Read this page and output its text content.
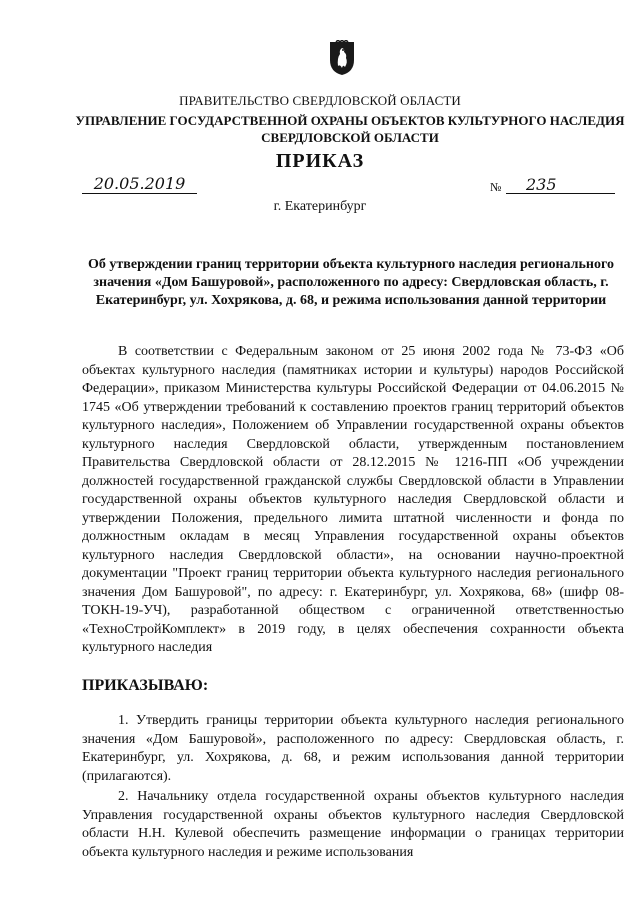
ПРАВИТЕЛЬСТВО СВЕРДЛОВСКОЙ ОБЛАСТИ
УПРАВЛЕНИЕ ГОСУДАРСТВЕННОЙ ОХРАНЫ ОБЪЕКТОВ КУЛЬТУРНОГО НАСЛЕДИЯ СВЕРДЛОВСКОЙ ОБЛАСТИ
ПРИКАЗ
20.05.2019	№	235
г. Екатеринбург
Об утверждении границ территории объекта культурного наследия регионального значения «Дом Башуровой», расположенного по адресу: Свердловская область, г. Екатеринбург, ул. Хохрякова, д. 68, и режима использования данной территории

В соответствии с Федеральным законом от 25 июня 2002 года № 73-ФЗ «Об объектах культурного наследия (памятниках истории и культуры) народов Российской Федерации», приказом Министерства культуры Российской Федерации от 04.06.2015 № 1745 «Об утверждении требований к составлению проектов границ территорий объектов культурного наследия», Положением об Управлении государственной охраны объектов культурного наследия Свердловской области, утвержденным постановлением Правительства Свердловской области от 28.12.2015 № 1216-ПП «Об учреждении должностей государственной гражданской службы Свердловской области в Управлении государственной охраны объектов культурного наследия Свердловской области и утверждении Положения, предельного лимита штатной численности и фонда по должностным окладам в месяц Управления государственной охраны объектов культурного наследия Свердловской области», на основании научно-проектной документации "Проект границ территории объекта культурного наследия регионального значения Дом Башуровой", по адресу: г. Екатеринбург, ул. Хохрякова, 68» (шифр 08-ТОКН-19-УЧ), разработанной обществом с ограниченной ответственностью «ТехноСтройКомплект» в 2019 году, в целях обеспечения сохранности объекта культурного наследия

ПРИКАЗЫВАЮ:

1. Утвердить границы территории объекта культурного наследия регионального значения «Дом Башуровой», расположенного по адресу: Свердловская область, г. Екатеринбург, ул. Хохрякова, д. 68, и режим использования данной территории (прилагаются).

2. Начальнику отдела государственной охраны объектов культурного наследия Управления государственной охраны объектов культурного наследия Свердловской области Н.Н. Кулевой обеспечить размещение информации о границах территории объекта культурного наследия и режиме использования
